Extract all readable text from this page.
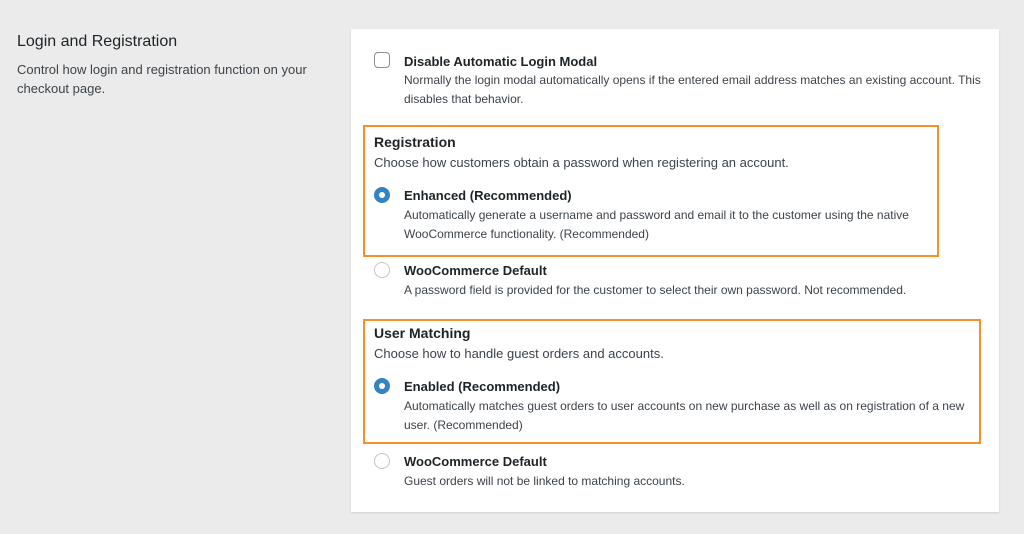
Login and Registration

Control how login and registration function on your checkout page.

Disable Automatic Login Modal

Normally the login modal automatically opens if the entered email address matches an existing account. This disables that behavior.

Registration

Choose how customers obtain a password when registering an account.

Enhanced (Recommended)

Automatically generate a username and password and email it to the customer using the native WooCommerce functionality. (Recommended)

WooCommerce Default

A password field is provided for the customer to select their own password. Not recommended.

User Matching

Choose how to handle guest orders and accounts.

Enabled (Recommended)

Automatically matches guest orders to user accounts on new purchase as well as on registration of a new user. (Recommended)

WooCommerce Default

Guest orders will not be linked to matching accounts.
